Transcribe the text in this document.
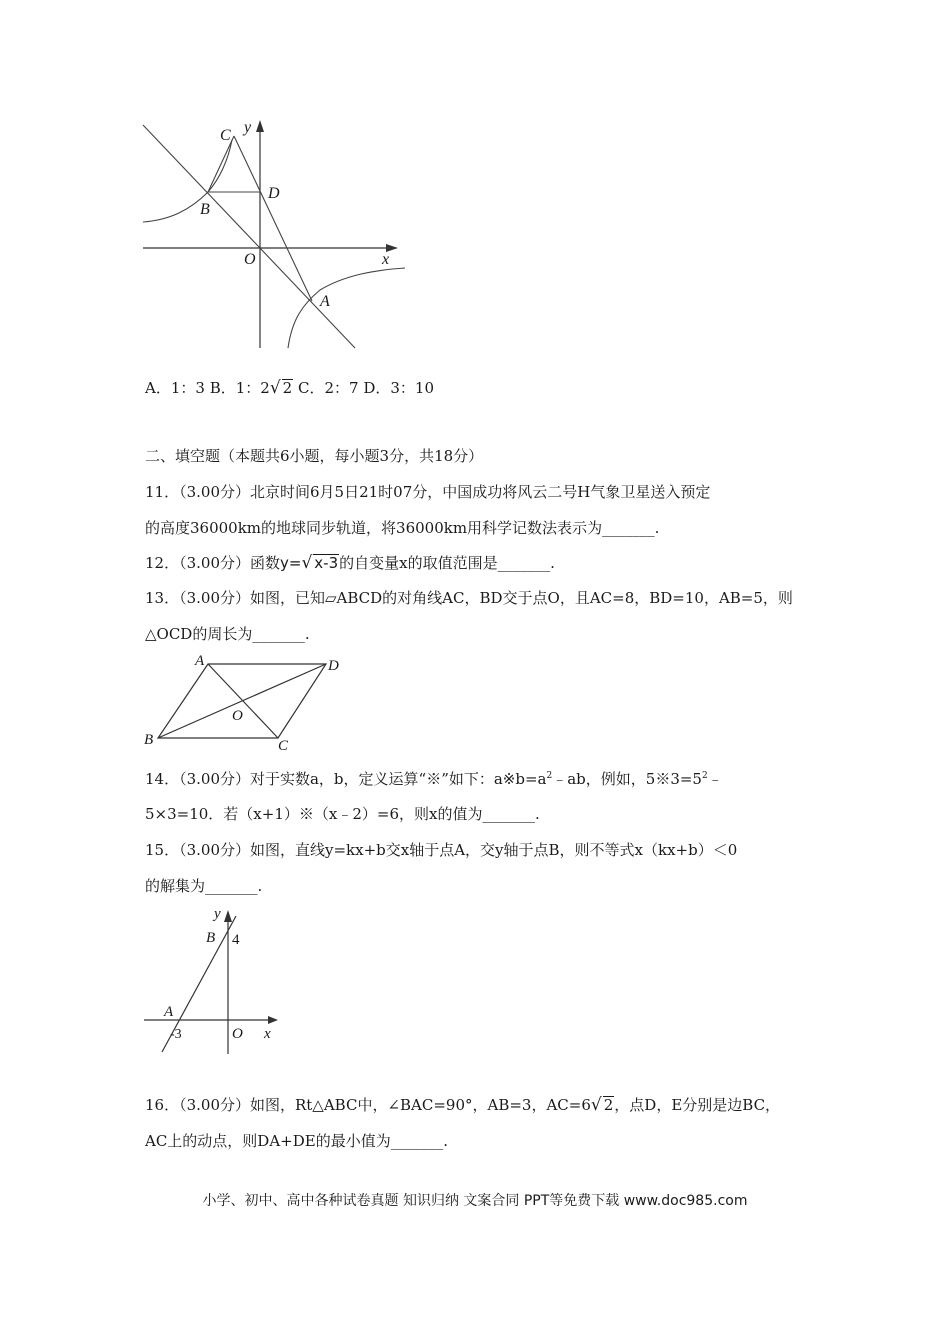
C y
D
B
O	x
A
A．1：3 B．1：2√ 2 C．2：7 D．3：10
二、填空题（本题共6小题，每小题3分，共18分）
11．（3.00分）北京时间6月5日21时07分，中国成功将风云二号H气象卫星送入预定
的高度36000km的地球同步轨道，将36000km用科学记数法表示为_______.
12．（3.00分）函数y=√ x-3的自变量x的取值范围是_______.
13．（3.00分）如图，已知▱ABCD的对角线AC，BD交于点O，且AC=8，BD=10，AB=5，则
△OCD的周长为_______.
A	D
O
B	C
14．（3.00分）对于实数a，b，定义运算“※”如下：$a※b=a^2﹣ab$，例如，$5※3=5^2﹣$
5×3=10．若（x+1）※（x﹣2）=6，则x的值为_______.
15．（3.00分）如图，直线y=kx+b交x轴于点A，交y轴于点B，则不等式x（kx+b）＜0
的解集为_______.
y
B 4
A
-3	O x
16．（3.00分）如图，Rt△ABC中，∠BAC=90°，AB=3，AC=6√ 2，点D，E分别是边BC，
AC上的动点，则DA+DE的最小值为_______.
小学、初中、高中各种试卷真题 知识归纳 文案合同 PPT等免费下载 www.doc985.com
